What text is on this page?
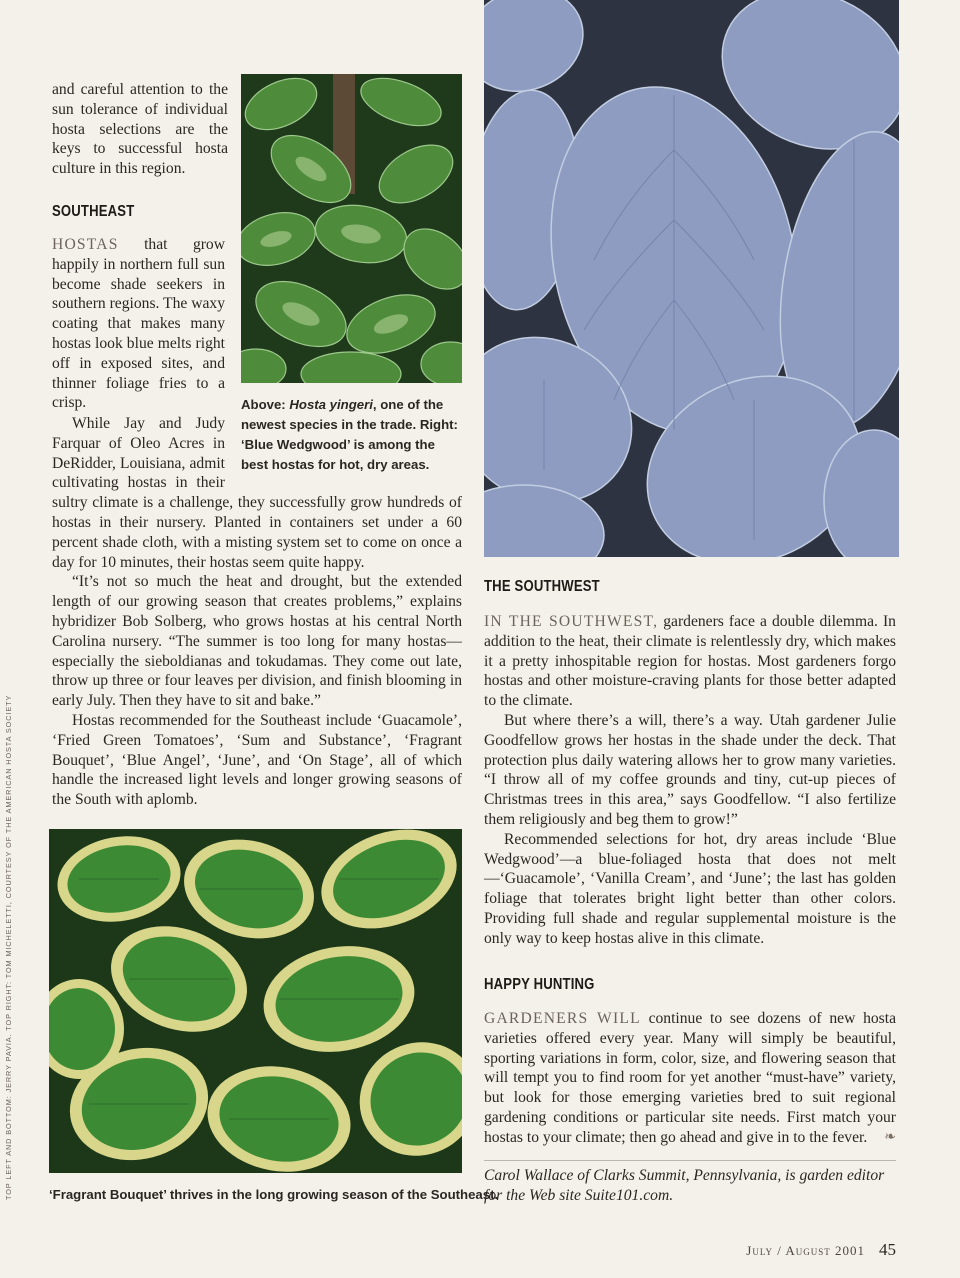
and careful attention to the sun tolerance of individual hosta selections are the keys to successful hosta culture in this region.

SOUTHEAST

HOSTAS that grow happily in northern full sun become shade seekers in southern regions. The waxy coating that makes many hostas look blue melts right off in exposed sites, and thinner foliage fries to a crisp.	Above: Hosta yingeri, one of the newest species in the trade. Right: ‘Blue Wedgwood’ is among the best hostas for hot, dry areas.

While Jay and Judy Farquar of Oleo Acres in DeRidder, Louisiana, admit cultivating hostas in their sultry climate is a challenge, they successfully grow hundreds of hostas in their nursery. Planted in containers set under a 60 percent shade cloth, with a misting system set to come on once a day for 10 minutes, their hostas seem quite happy.

“It’s not so much the heat and drought, but the extended length of our growing season that creates problems,” explains hybridizer Bob Solberg, who grows hostas at his central North Carolina nursery. “The summer is too long for many hostas—especially the sieboldianas and tokudamas. They come out late, throw up three or four leaves per division, and finish blooming in early July. Then they have to sit and bake.”

Hostas recommended for the Southeast include ‘Guacamole’, ‘Fried Green Tomatoes’, ‘Sum and Substance’, ‘Fragrant Bouquet’, ‘Blue Angel’, ‘June’, and ‘On Stage’, all of which handle the increased light levels and longer growing seasons of the South with aplomb.

‘Fragrant Bouquet’ thrives in the long growing season of the Southeast.

TOP LEFT AND BOTTOM: JERRY PAVIA. TOP RIGHT: TOM MICHELETTI, COURTESY OF THE AMERICAN HOSTA SOCIETY
THE SOUTHWEST

IN THE SOUTHWEST, gardeners face a double dilemma. In addition to the heat, their climate is relentlessly dry, which makes it a pretty inhospitable region for hostas. Most gardeners forgo hostas and other moisture-craving plants for those better adapted to the climate.

But where there’s a will, there’s a way. Utah gardener Julie Goodfellow grows her hostas in the shade under the deck. That protection plus daily watering allows her to grow many varieties. “I throw all of my coffee grounds and tiny, cut-up pieces of Christmas trees in this area,” says Goodfellow. “I also fertilize them religiously and beg them to grow!”

Recommended selections for hot, dry areas include ‘Blue Wedgwood’—a blue-foliaged hosta that does not melt—‘Guacamole’, ‘Vanilla Cream’, and ‘June’; the last has golden foliage that tolerates bright light better than other colors. Providing full shade and regular supplemental moisture is the only way to keep hostas alive in this climate.

HAPPY HUNTING

GARDENERS WILL continue to see dozens of new hosta varieties offered every year. Many will simply be beautiful, sporting variations in form, color, size, and flowering season that will tempt you to find room for yet another “must-have” variety, but look for those emerging varieties bred to suit regional gardening conditions or particular site needs. First match your hostas to your climate; then go ahead and give in to the fever. ❧

Carol Wallace of Clarks Summit, Pennsylvania, is garden editor for the Web site Suite101.com.

July / August 2001 45
